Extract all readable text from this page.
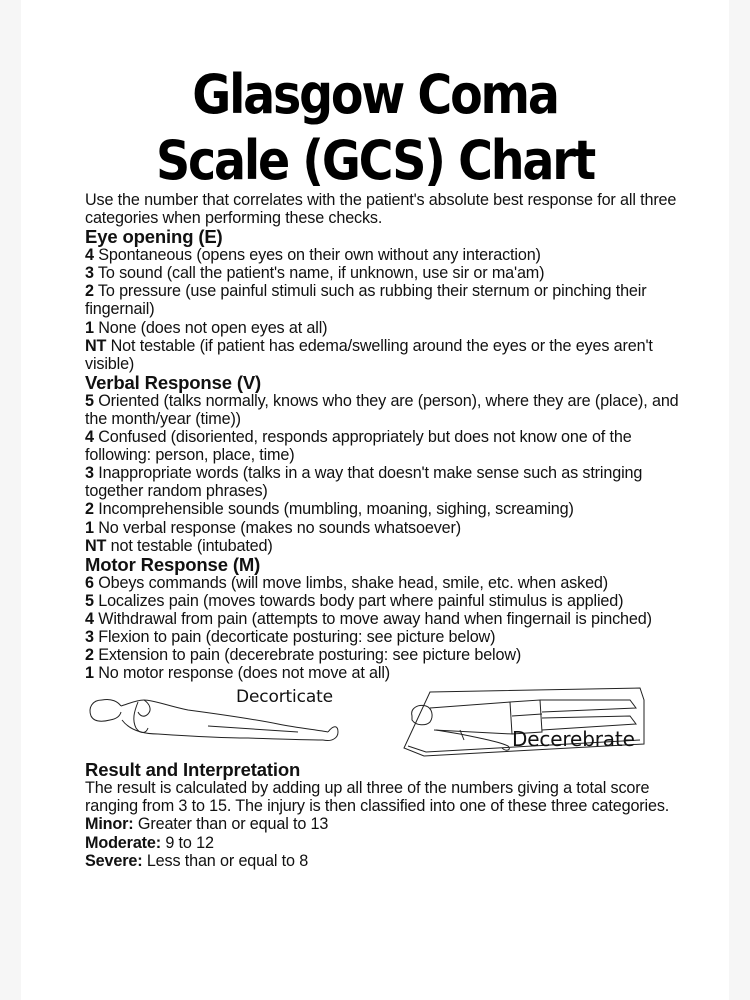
Glasgow Coma
Scale (GCS) Chart

Use the number that correlates with the patient's absolute best response for all three categories when performing these checks.

Eye opening (E)

4 Spontaneous (opens eyes on their own without any interaction)

3 To sound (call the patient's name, if unknown, use sir or ma'am)

2 To pressure (use painful stimuli such as rubbing their sternum or pinching their fingernail)

1 None (does not open eyes at all)

NT Not testable (if patient has edema/swelling around the eyes or the eyes aren't visible)

Verbal Response (V)

5 Oriented (talks normally, knows who they are (person), where they are (place), and the month/year (time))

4 Confused (disoriented, responds appropriately but does not know one of the following: person, place, time)

3 Inappropriate words (talks in a way that doesn't make sense such as stringing together random phrases)

2 Incomprehensible sounds (mumbling, moaning, sighing, screaming)

1 No verbal response (makes no sounds whatsoever)

NT not testable (intubated)

Motor Response (M)

6 Obeys commands (will move limbs, shake head, smile, etc. when asked)

5 Localizes pain (moves towards body part where painful stimulus is applied)

4 Withdrawal from pain (attempts to move away hand when fingernail is pinched)

3 Flexion to pain (decorticate posturing: see picture below)

2 Extension to pain (decerebrate posturing: see picture below)

1 No motor response (does not move at all)

Decorticate
Decerebrate
Result and Interpretation

The result is calculated by adding up all three of the numbers giving a total score ranging from 3 to 15. The injury is then classified into one of these three categories.

Minor: Greater than or equal to 13

Moderate: 9 to 12

Severe: Less than or equal to 8
